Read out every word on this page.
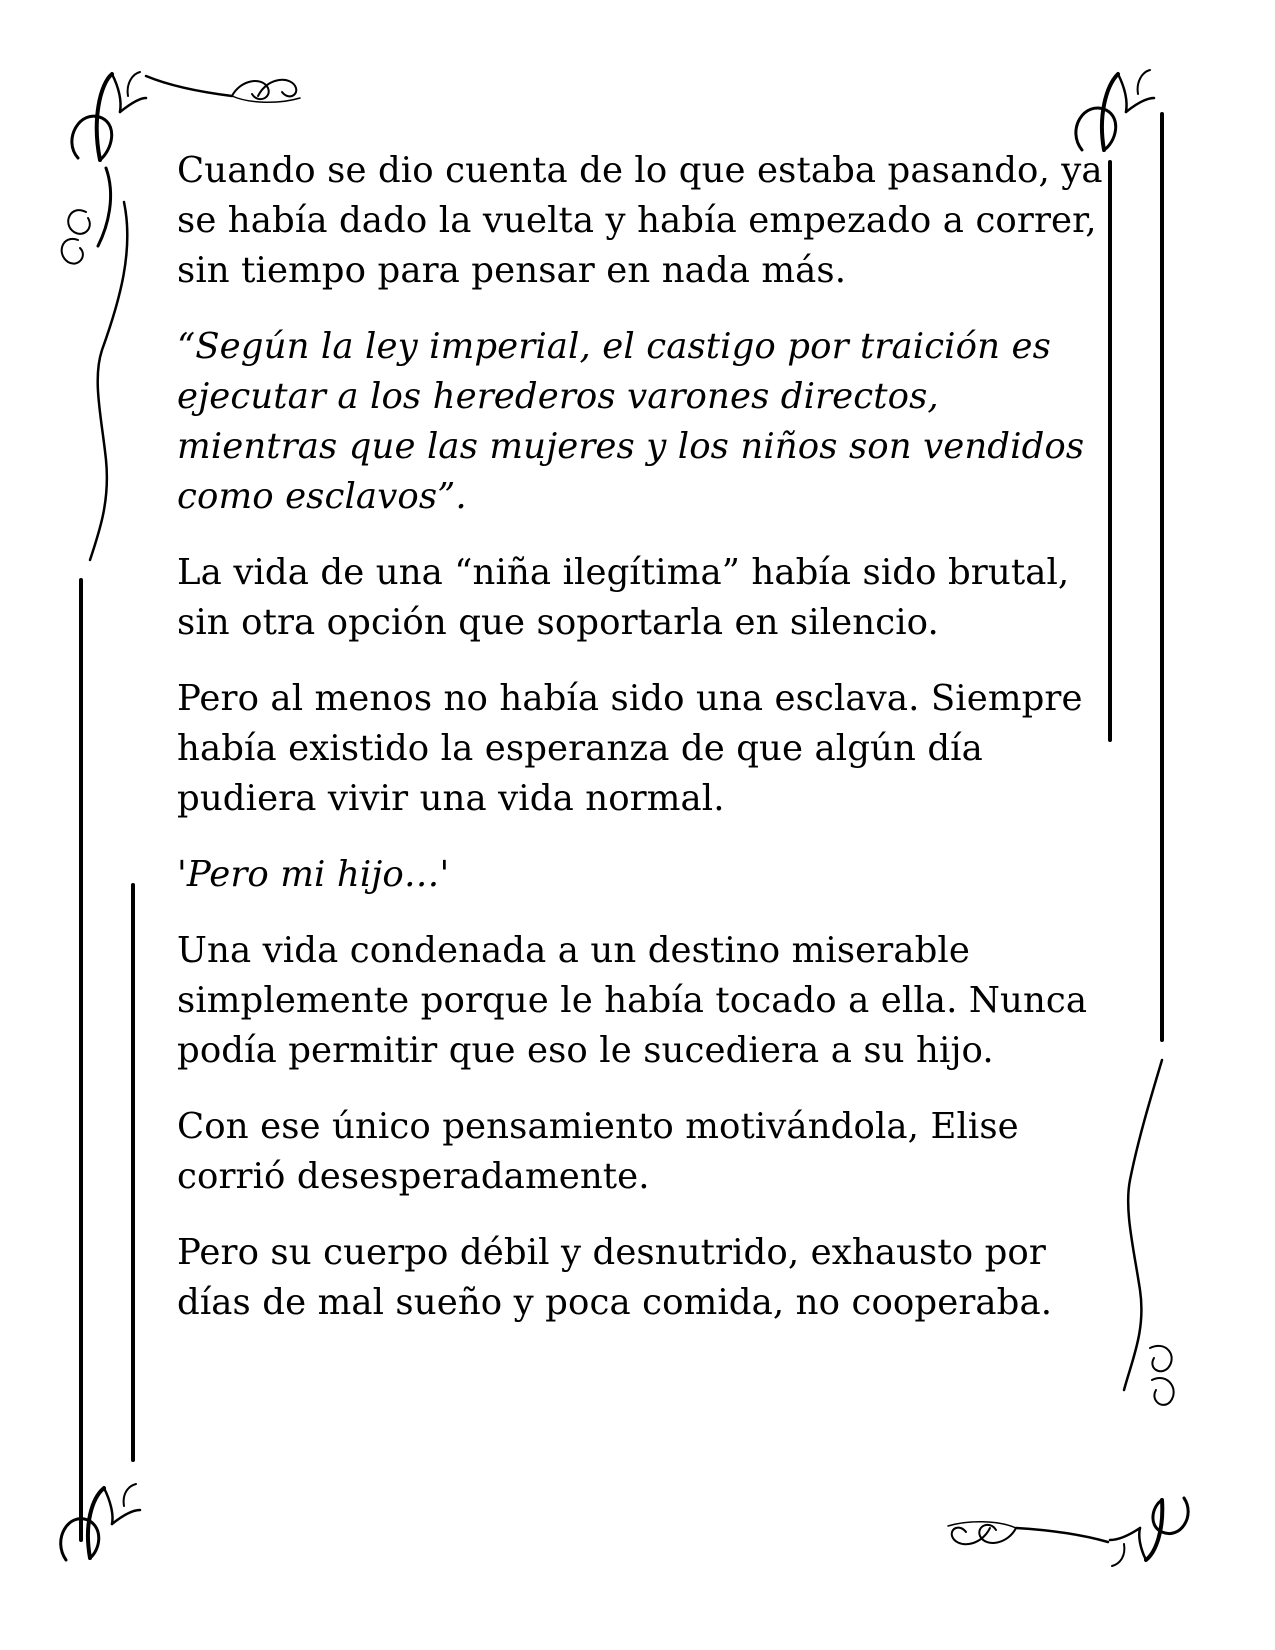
Cuando se dio cuenta de lo que estaba pasando, ya se había dado la vuelta y había empezado a correr, sin tiempo para pensar en nada más.

“Según la ley imperial, el castigo por traición es ejecutar a los herederos varones directos, mientras que las mujeres y los niños son vendidos como esclavos”.

La vida de una “niña ilegítima” había sido brutal, sin otra opción que soportarla en silencio.

Pero al menos no había sido una esclava. Siempre había existido la esperanza de que algún día pudiera vivir una vida normal.

'Pero mi hijo…'

Una vida condenada a un destino miserable simplemente porque le había tocado a ella. Nunca podía permitir que eso le sucediera a su hijo.

Con ese único pensamiento motivándola, Elise corrió desesperadamente.

Pero su cuerpo débil y desnutrido, exhausto por días de mal sueño y poca comida, no cooperaba.
